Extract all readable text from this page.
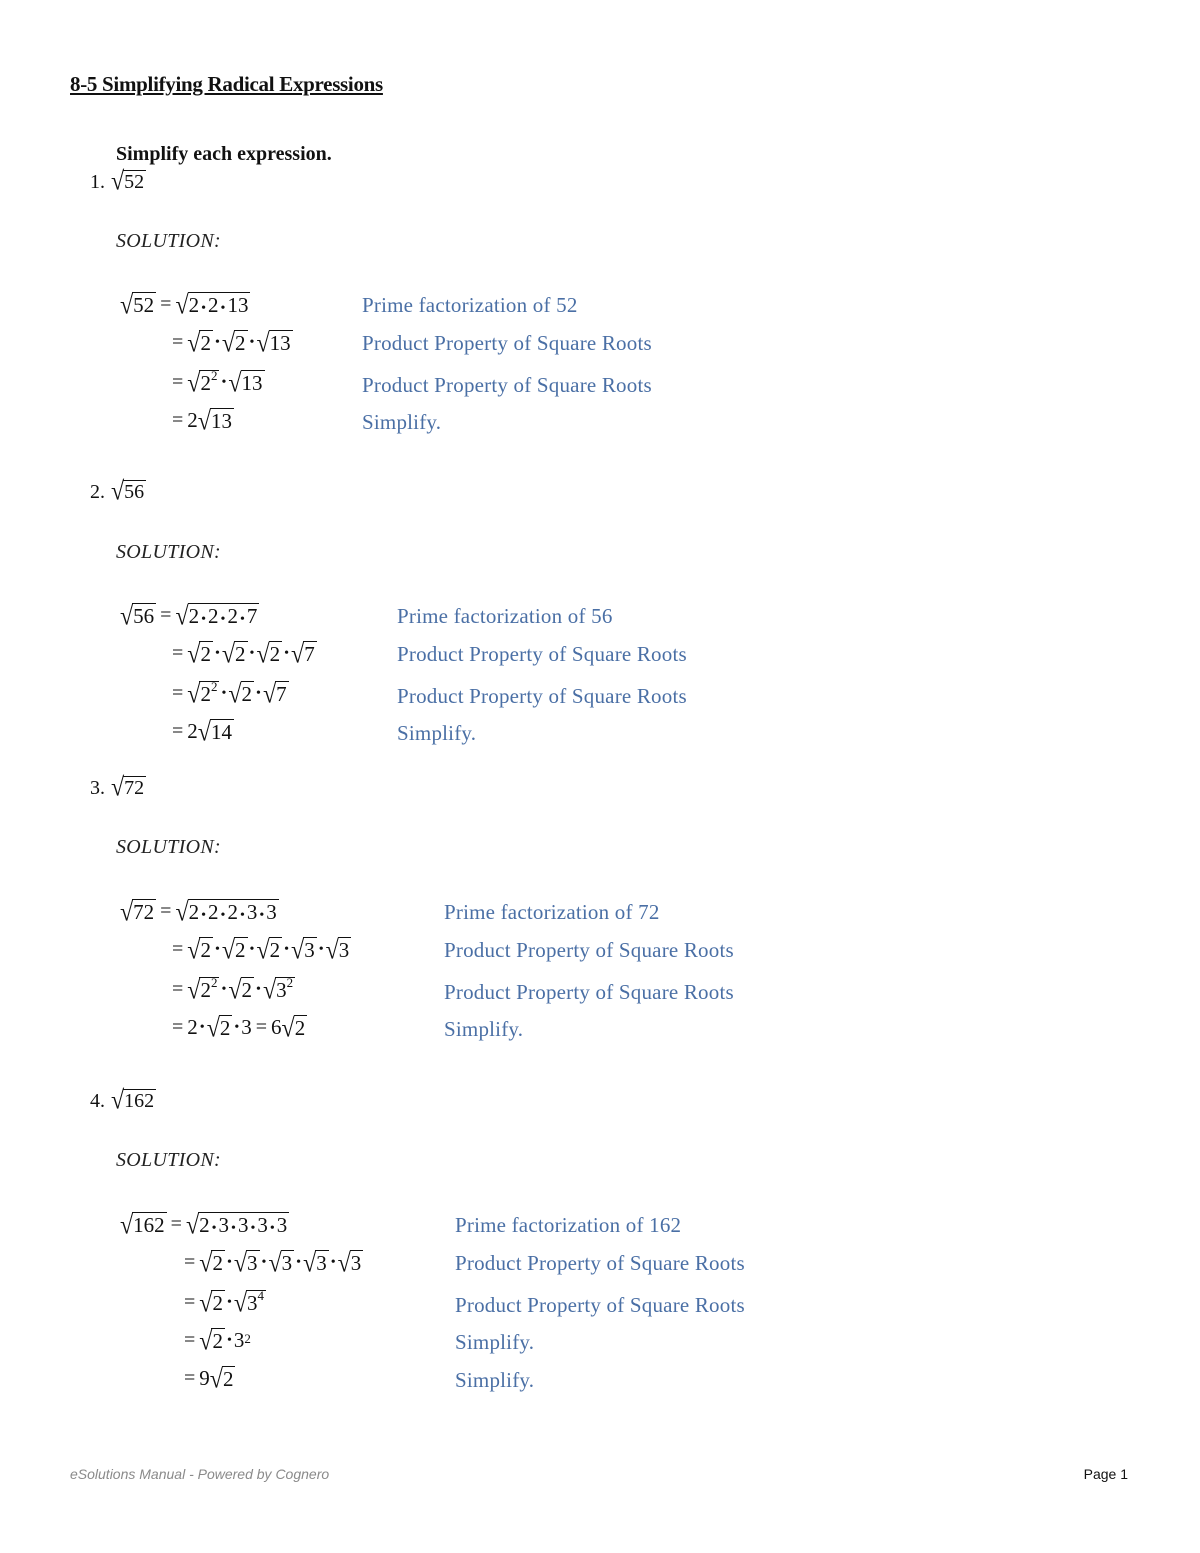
8-5 Simplifying Radical Expressions
Simplify each expression.
1. √ 52
SOLUTION:
√ 52 = √ 2 •2 •13
= √ 2 • √ 2 • √ 13
= √ $2^2$ • √ 13
= 2 √ 13
Prime factorization of 52
Product Property of Square Roots
Product Property of Square Roots
Simplify.
2. √ 56
SOLUTION:
√ 56 = √ 2 •2 •2 •7
= √ 2 • √ 2 • √ 2 • √ 7
= √ $2^2$ • √ 2 • √ 7
= 2 √ 14
Prime factorization of 56
Product Property of Square Roots
Product Property of Square Roots
Simplify.
3. √ 72
SOLUTION:
√ 72 = √ 2 •2 •2 •3 •3
= √ 2 • √ 2 • √ 2 • √ 3 • √ 3
= √ $2^2$ • √ 2 • √ $3^2$
= 2 • √ 2 • 3 = 6 √ 2
Prime factorization of 72
Product Property of Square Roots
Product Property of Square Roots
Simplify.
4. √ 162
SOLUTION:
√ 162 = √ 2 •3 •3 •3 •3
= √ 2 • √ 3 • √ 3 • √ 3 • √ 3
= √ 2 • √ $3^4$
= √ 2 • 3 2
= 9 √ 2
Prime factorization of 162
Product Property of Square Roots
Product Property of Square Roots
Simplify.
Simplify.
eSolutions Manual - Powered by Cognero	Page 1
